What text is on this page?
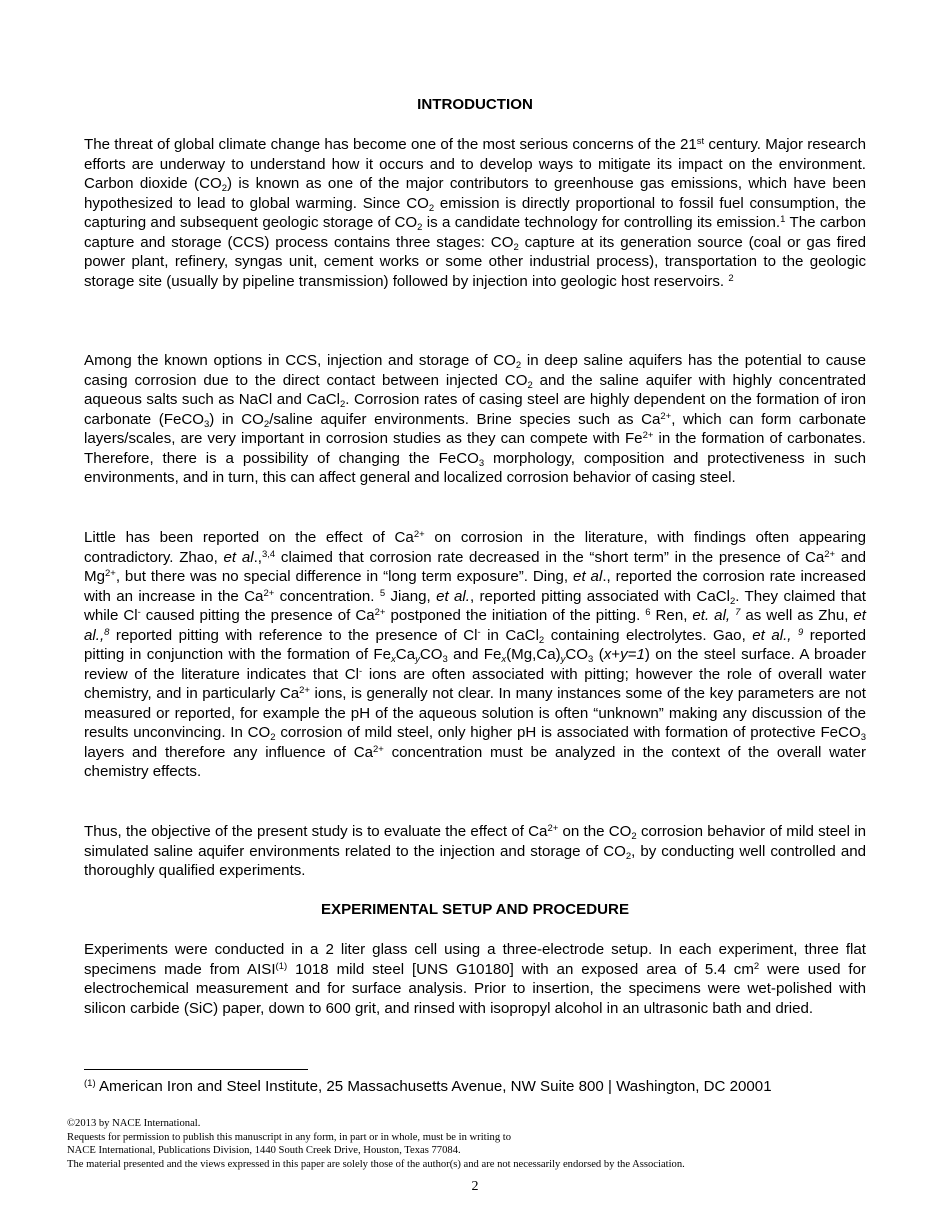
INTRODUCTION

The threat of global climate change has become one of the most serious concerns of the 21st century. Major research efforts are underway to understand how it occurs and to develop ways to mitigate its impact on the environment. Carbon dioxide $(CO_2)$ is known as one of the major contributors to greenhouse gas emissions, which have been hypothesized to lead to global warming. Since $CO_2$ emission is directly proportional to fossil fuel consumption, the capturing and subsequent geologic storage of $CO_2$ is a candidate technology for controlling its emission.$^1$ The carbon capture and storage (CCS) process contains three stages: $CO_2$ capture at its generation source (coal or gas fired power plant, refinery, syngas unit, cement works or some other industrial process), transportation to the geologic storage site (usually by pipeline transmission) followed by injection into geologic host reservoirs. $^2$

Among the known options in CCS, injection and storage of $CO_2$ in deep saline aquifers has the potential to cause casing corrosion due to the direct contact between injected $CO_2$ and the saline aquifer with highly concentrated aqueous salts such as NaCl and CaCl$_2$. Corrosion rates of casing steel are highly dependent on the formation of iron carbonate (FeCO$_3$) in $CO_2$/saline aquifer environments. Brine species such as $Ca^{2+}$, which can form carbonate layers/scales, are very important in corrosion studies as they can compete with $Fe^{2+}$ in the formation of carbonates. Therefore, there is a possibility of changing the FeCO$_3$ morphology, composition and protectiveness in such environments, and in turn, this can affect general and localized corrosion behavior of casing steel.

Little has been reported on the effect of $Ca^{2+}$ on corrosion in the literature, with findings often appearing contradictory. Zhao, et al.,$^{3,4}$ claimed that corrosion rate decreased in the “short term” in the presence of $Ca^{2+}$ and $Mg^{2+}$, but there was no special difference in “long term exposure”. Ding, et al., reported the corrosion rate increased with an increase in the $Ca^{2+}$ concentration. $^5$ Jiang, et al., reported pitting associated with CaCl$_2$. They claimed that while Cl- caused pitting the presence of $Ca^{2+}$ postponed the initiation of the pitting. $^6$ Ren, et. al, $^7$ as well as Zhu, et al.,$^8$ reported pitting with reference to the presence of Cl- in CaCl$_2$ containing electrolytes. Gao, et al., $^9$ reported pitting in conjunction with the formation of $Fe_xCa_yCO_3$ and $Fe_x(Mg,Ca)_yCO_3$ (x+y=1) on the steel surface. A broader review of the literature indicates that Cl- ions are often associated with pitting; however the role of overall water chemistry, and in particularly $Ca^{2+}$ ions, is generally not clear. In many instances some of the key parameters are not measured or reported, for example the pH of the aqueous solution is often “unknown” making any discussion of the results unconvincing. In $CO_2$ corrosion of mild steel, only higher pH is associated with formation of protective FeCO$_3$ layers and therefore any influence of $Ca^{2+}$ concentration must be analyzed in the context of the overall water chemistry effects.

Thus, the objective of the present study is to evaluate the effect of $Ca^{2+}$ on the $CO_2$ corrosion behavior of mild steel in simulated saline aquifer environments related to the injection and storage of $CO_2$, by conducting well controlled and thoroughly qualified experiments.

EXPERIMENTAL SETUP AND PROCEDURE

Experiments were conducted in a 2 liter glass cell using a three-electrode setup. In each experiment, three flat specimens made from AISI$^{(1)}$ 1018 mild steel [UNS G10180] with an exposed area of 5.4 $cm^2$ were used for electrochemical measurement and for surface analysis. Prior to insertion, the specimens were wet-polished with silicon carbide (SiC) paper, down to 600 grit, and rinsed with isopropyl alcohol in an ultrasonic bath and dried.

$^{(1)}$ American Iron and Steel Institute, 25 Massachusetts Avenue, NW Suite 800 | Washington, DC 20001
©2013 by NACE International.
Requests for permission to publish this manuscript in any form, in part or in whole, must be in writing to
NACE International, Publications Division, 1440 South Creek Drive, Houston, Texas 77084.
The material presented and the views expressed in this paper are solely those of the author(s) and are not necessarily endorsed by the Association.
2
